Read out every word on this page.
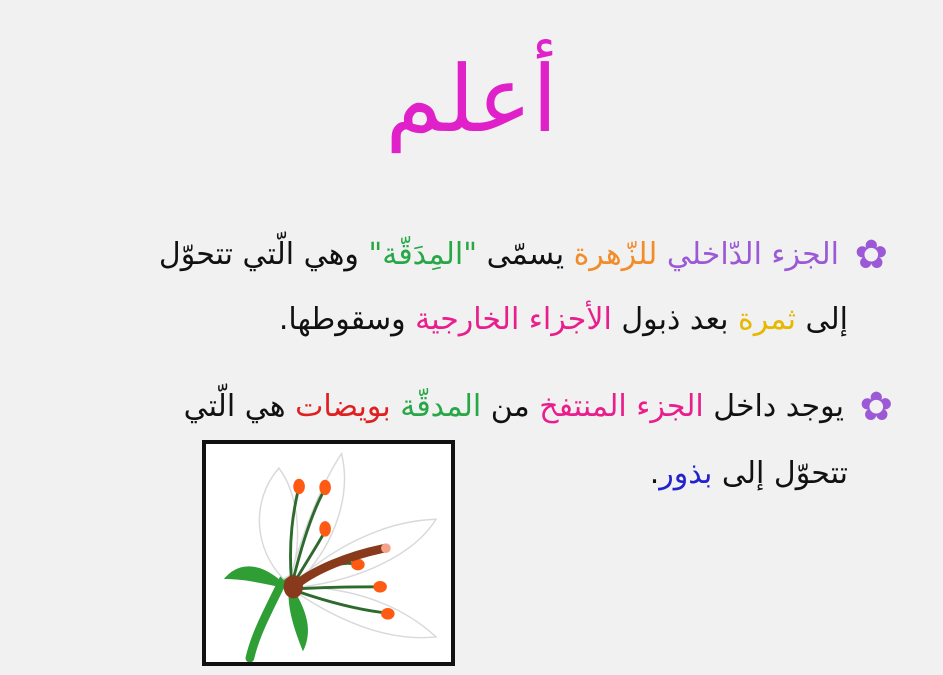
أعلم
✿ الجزء الدّاخلي للزّهرة يسمّى "المِدَقّة" وهي الّتي تتحوّل
إلى ثمرة بعد ذبول الأجزاء الخارجية وسقوطها.
✿ يوجد داخل الجزء المنتفخ من المدقّة بويضات هي الّتي
تتحوّل إلى بذور.
